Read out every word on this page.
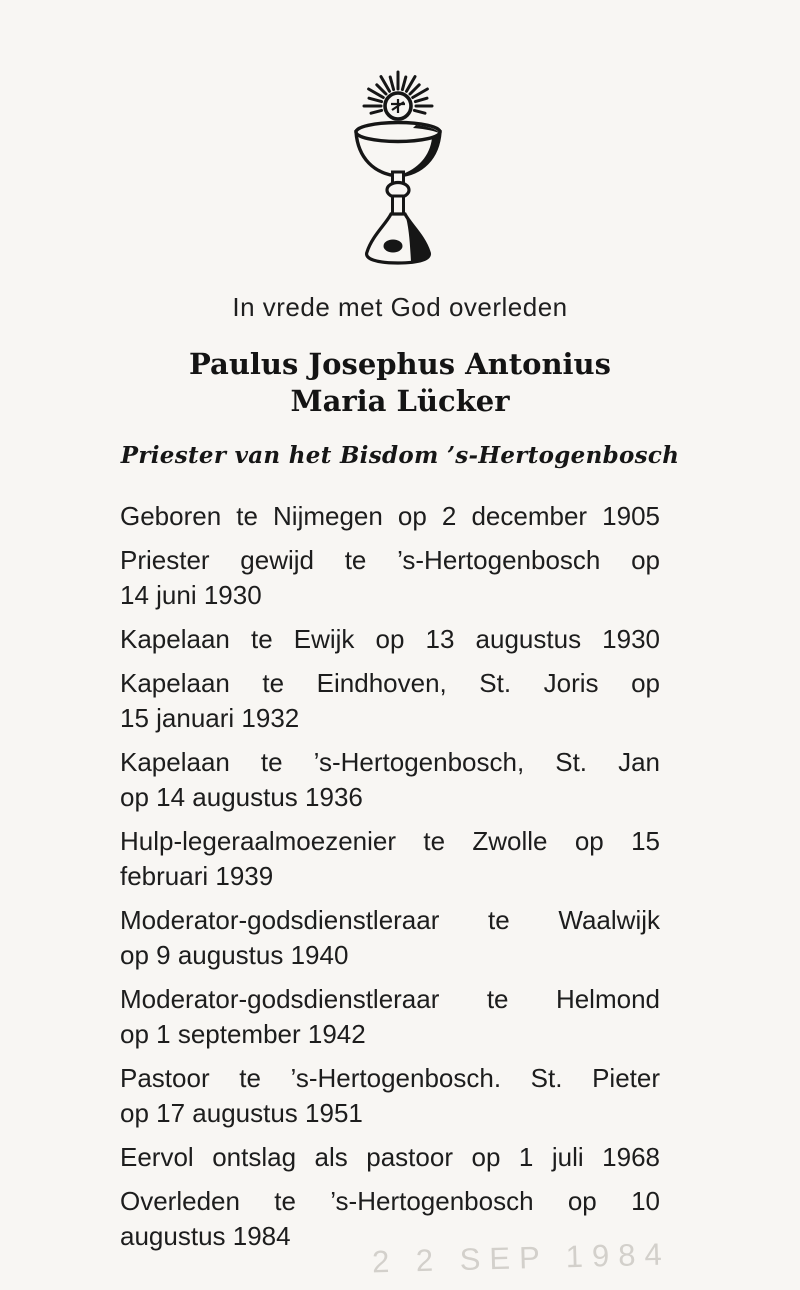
In vrede met God overleden
Paulus Josephus Antonius
Maria Lücker
Priester van het Bisdom ’s-Hertogenbosch
Geboren te Nijmegen op 2 december 1905
Priester gewijd te ’s-Hertogenbosch op
14 juni 1930
Kapelaan te Ewijk op 13 augustus 1930
Kapelaan te Eindhoven, St. Joris op
15 januari 1932
Kapelaan te ’s-Hertogenbosch, St. Jan
op 14 augustus 1936
Hulp-legeraalmoezenier te Zwolle op 15
februari 1939
Moderator-godsdienstleraar te Waalwijk
op 9 augustus 1940
Moderator-godsdienstleraar te Helmond
op 1 september 1942
Pastoor te ’s-Hertogenbosch. St. Pieter
op 17 augustus 1951
Eervol ontslag als pastoor op 1 juli 1968
Overleden te ’s-Hertogenbosch op 10
augustus 1984
2 2 SEP 1984
